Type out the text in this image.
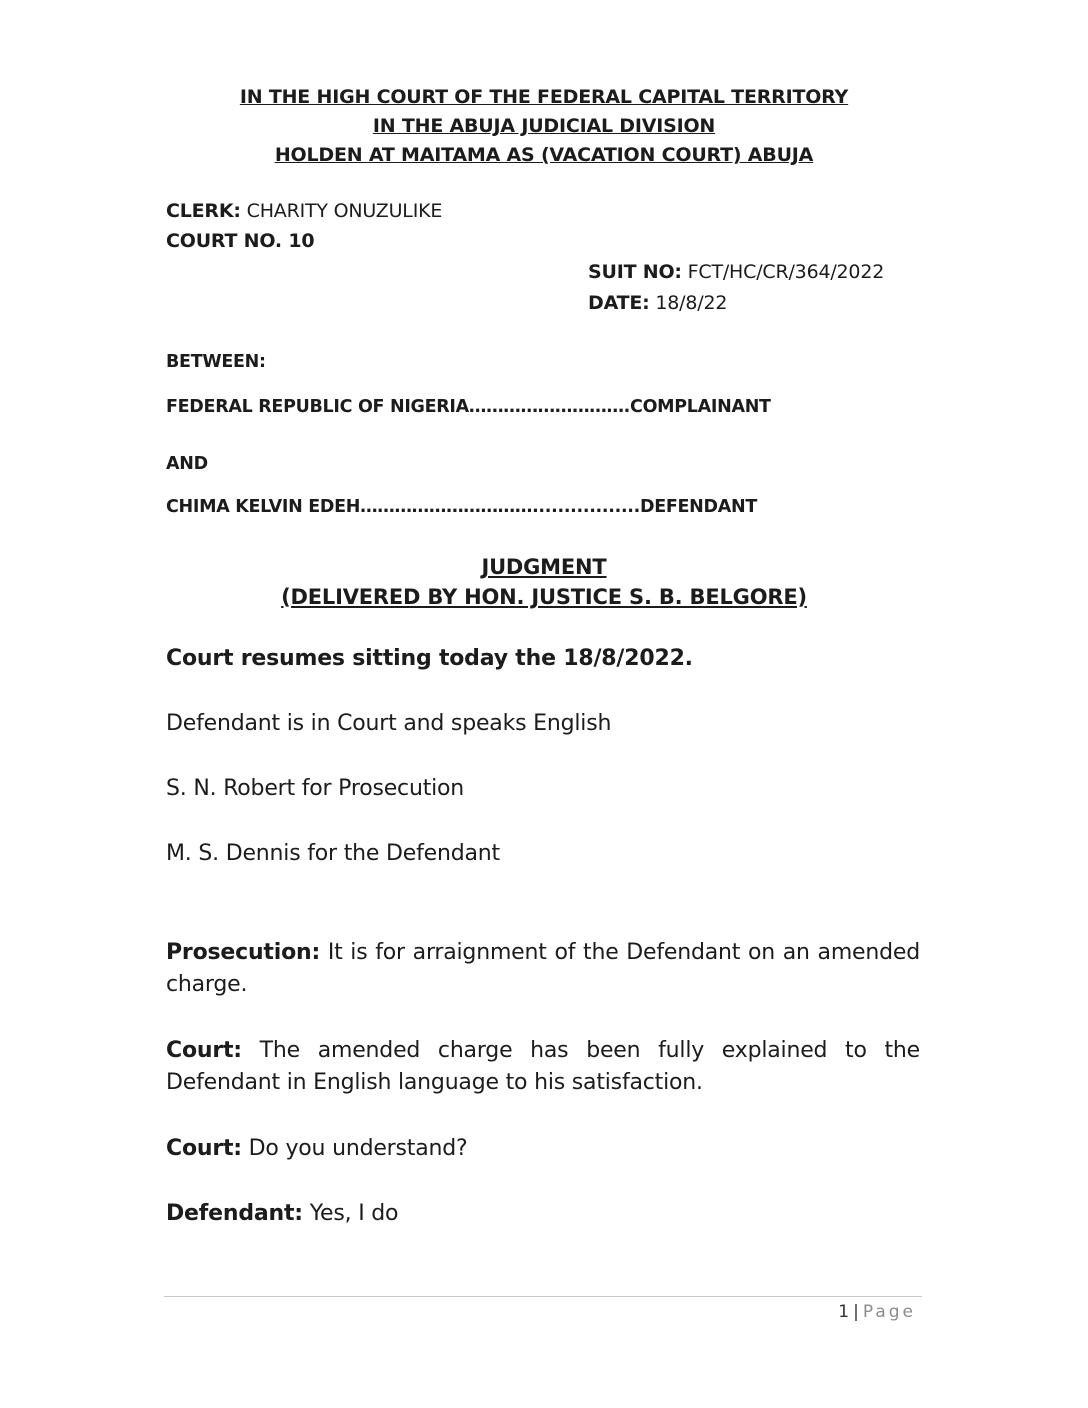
IN THE HIGH COURT OF THE FEDERAL CAPITAL TERRITORY
IN THE ABUJA JUDICIAL DIVISION
HOLDEN AT MAITAMA AS (VACATION COURT) ABUJA
CLERK: CHARITY ONUZULIKE
COURT NO. 10
SUIT NO: FCT/HC/CR/364/2022
DATE: 18/8/22
BETWEEN:
FEDERAL REPUBLIC OF NIGERIA……………………….COMPLAINANT
AND
CHIMA KELVIN EDEH………………………….................DEFENDANT
JUDGMENT
(DELIVERED BY HON. JUSTICE S. B. BELGORE)
Court resumes sitting today the 18/8/2022.
Defendant is in Court and speaks English
S. N. Robert for Prosecution
M. S. Dennis for the Defendant
Prosecution: It is for arraignment of the Defendant on an amended charge.
Court: The amended charge has been fully explained to the Defendant in English language to his satisfaction.
Court: Do you understand?
Defendant: Yes, I do
1 | Page
